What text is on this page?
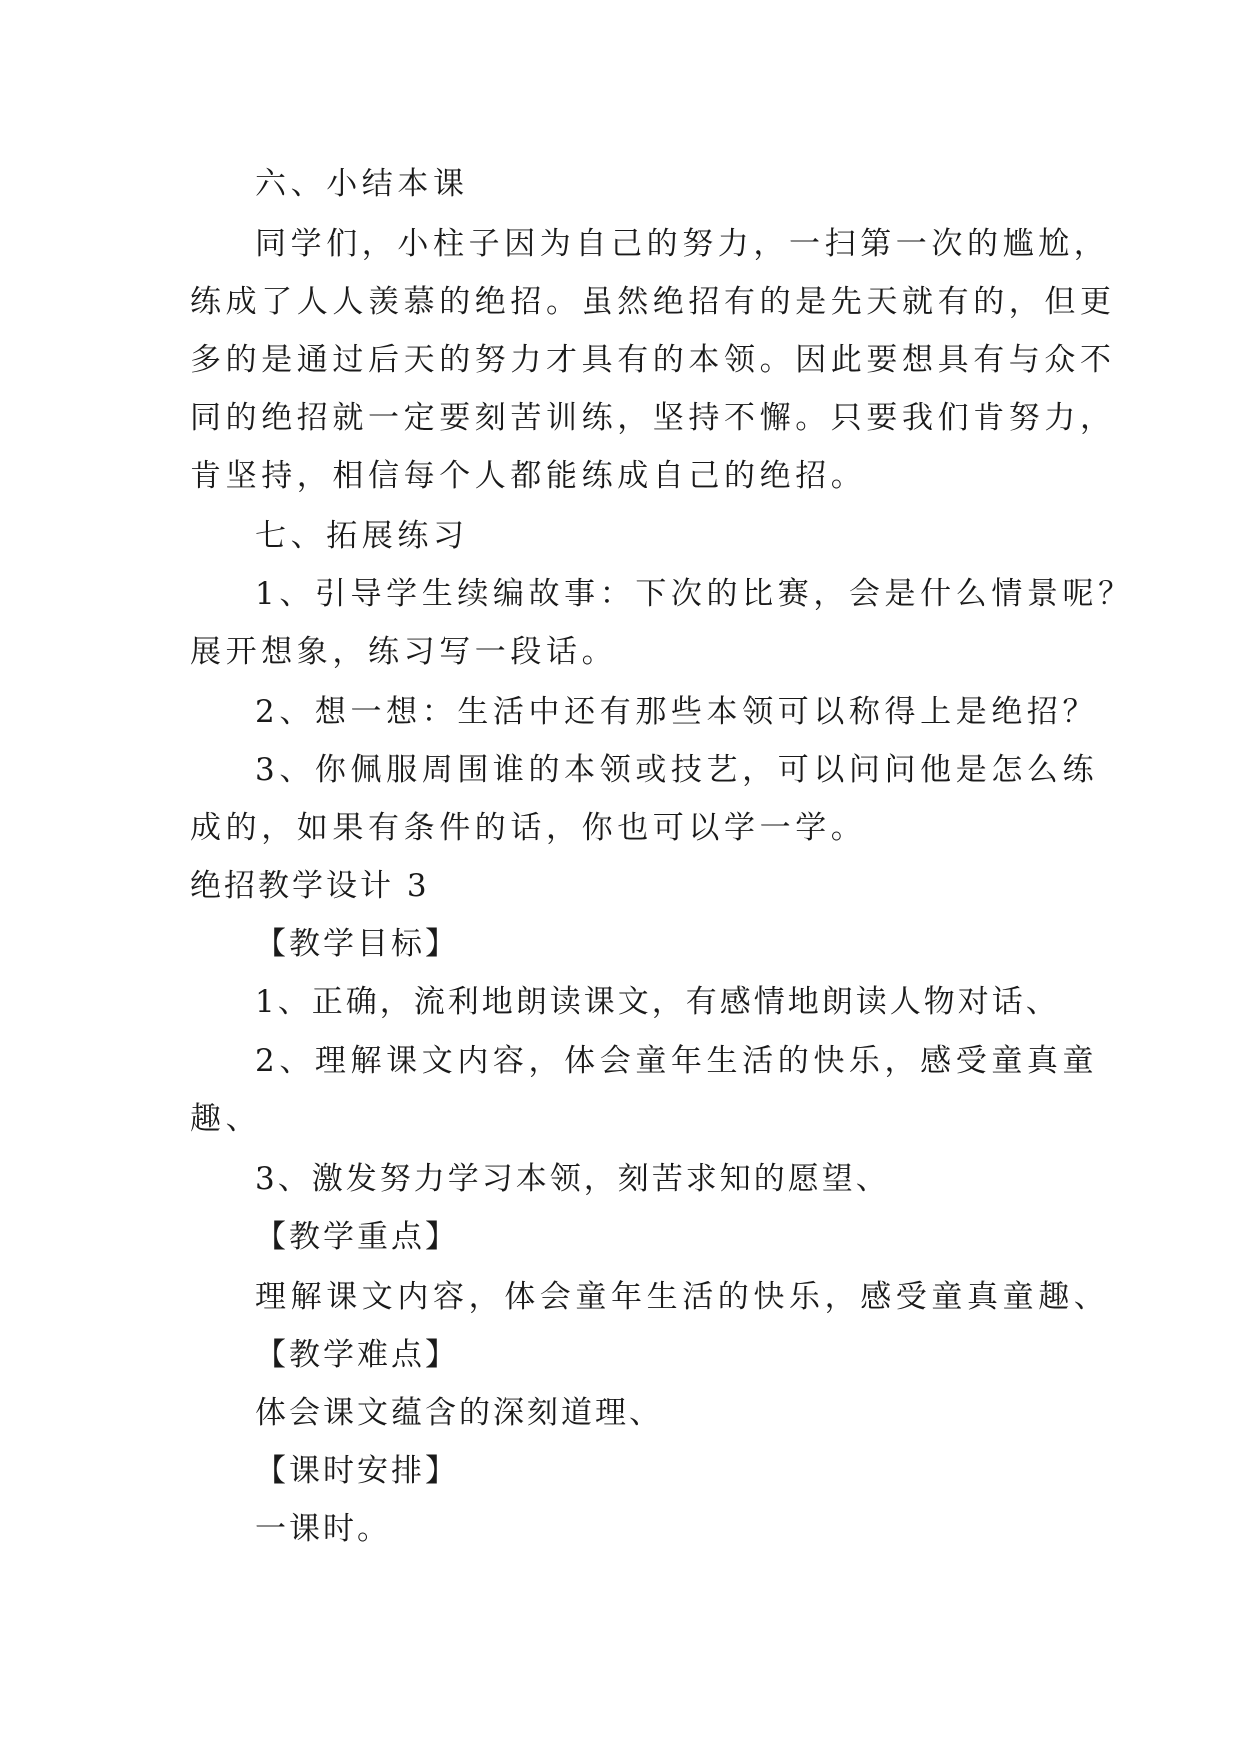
六、小结本课
同学们，小柱子因为自己的努力，一扫第一次的尴尬，
练成了人人羡慕的绝招。虽然绝招有的是先天就有的，但更
多的是通过后天的努力才具有的本领。因此要想具有与众不
同的绝招就一定要刻苦训练，坚持不懈。只要我们肯努力，
肯坚持，相信每个人都能练成自己的绝招。
七、拓展练习
1、引导学生续编故事：下次的比赛，会是什么情景呢？
展开想象，练习写一段话。
2、想一想：生活中还有那些本领可以称得上是绝招？
3、你佩服周围谁的本领或技艺，可以问问他是怎么练
成的，如果有条件的话，你也可以学一学。
绝招教学设计 3
【教学目标】
1、正确，流利地朗读课文，有感情地朗读人物对话、
2、理解课文内容，体会童年生活的快乐，感受童真童
趣、
3、激发努力学习本领，刻苦求知的愿望、
【教学重点】
理解课文内容，体会童年生活的快乐，感受童真童趣、
【教学难点】
体会课文蕴含的深刻道理、
【课时安排】
一课时。
